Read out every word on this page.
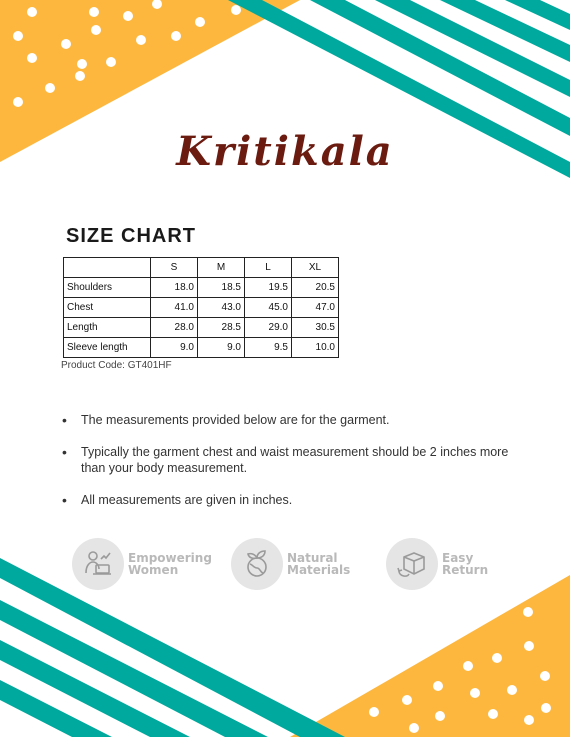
Kritikala
SIZE CHART
	S	M	L	XL
Shoulders	18.0	18.5	19.5	20.5
Chest	41.0	43.0	45.0	47.0
Length	28.0	28.5	29.0	30.5
Sleeve length	9.0	9.0	9.5	10.0
Product Code: GT401HF
• The measurements provided below are for the garment.
• Typically the garment chest and waist measurement should be 2 inches more than your body measurement.
• All measurements are given in inches.
Empowering
Women
Natural
Materials
Easy
Return
